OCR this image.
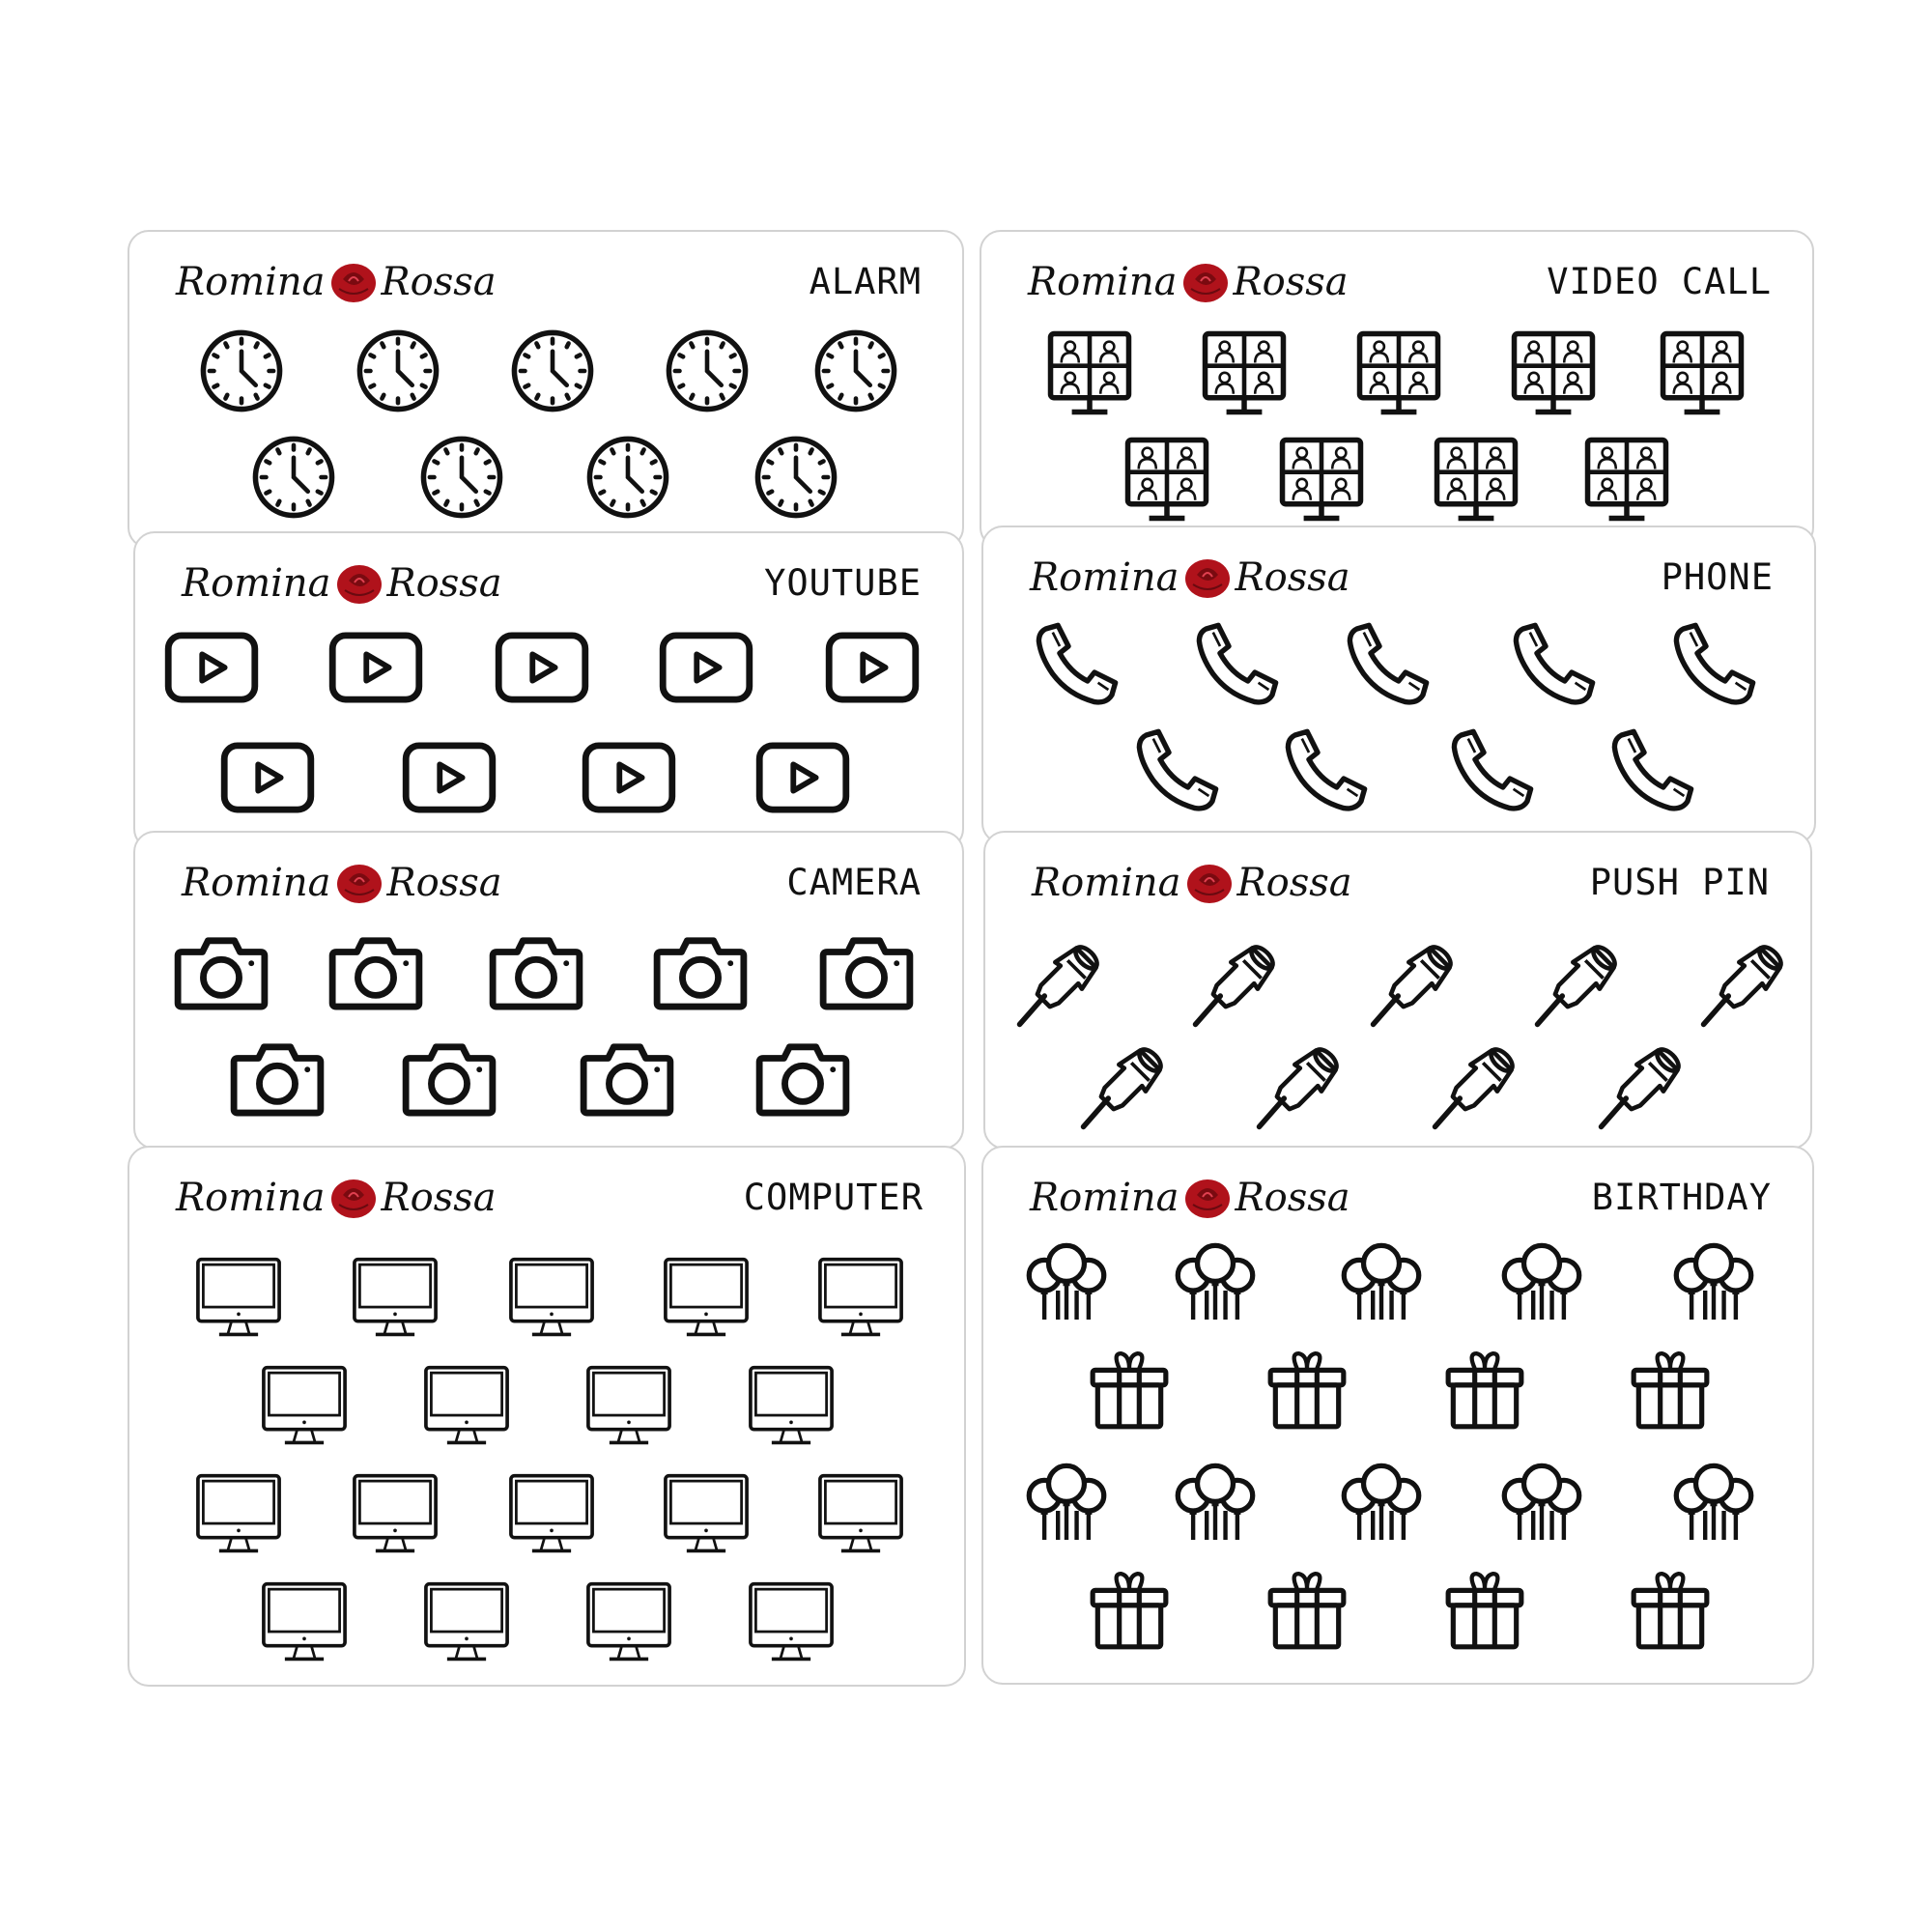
Romina Rossa	ALARM	Romina Rossa	VIDEO CALL
Romina Rossa	YOUTUBE	Romina Rossa	PHONE
Romina Rossa	CAMERA	Romina Rossa	PUSH PIN
Romina Rossa	COMPUTER	Romina Rossa	BIRTHDAY
